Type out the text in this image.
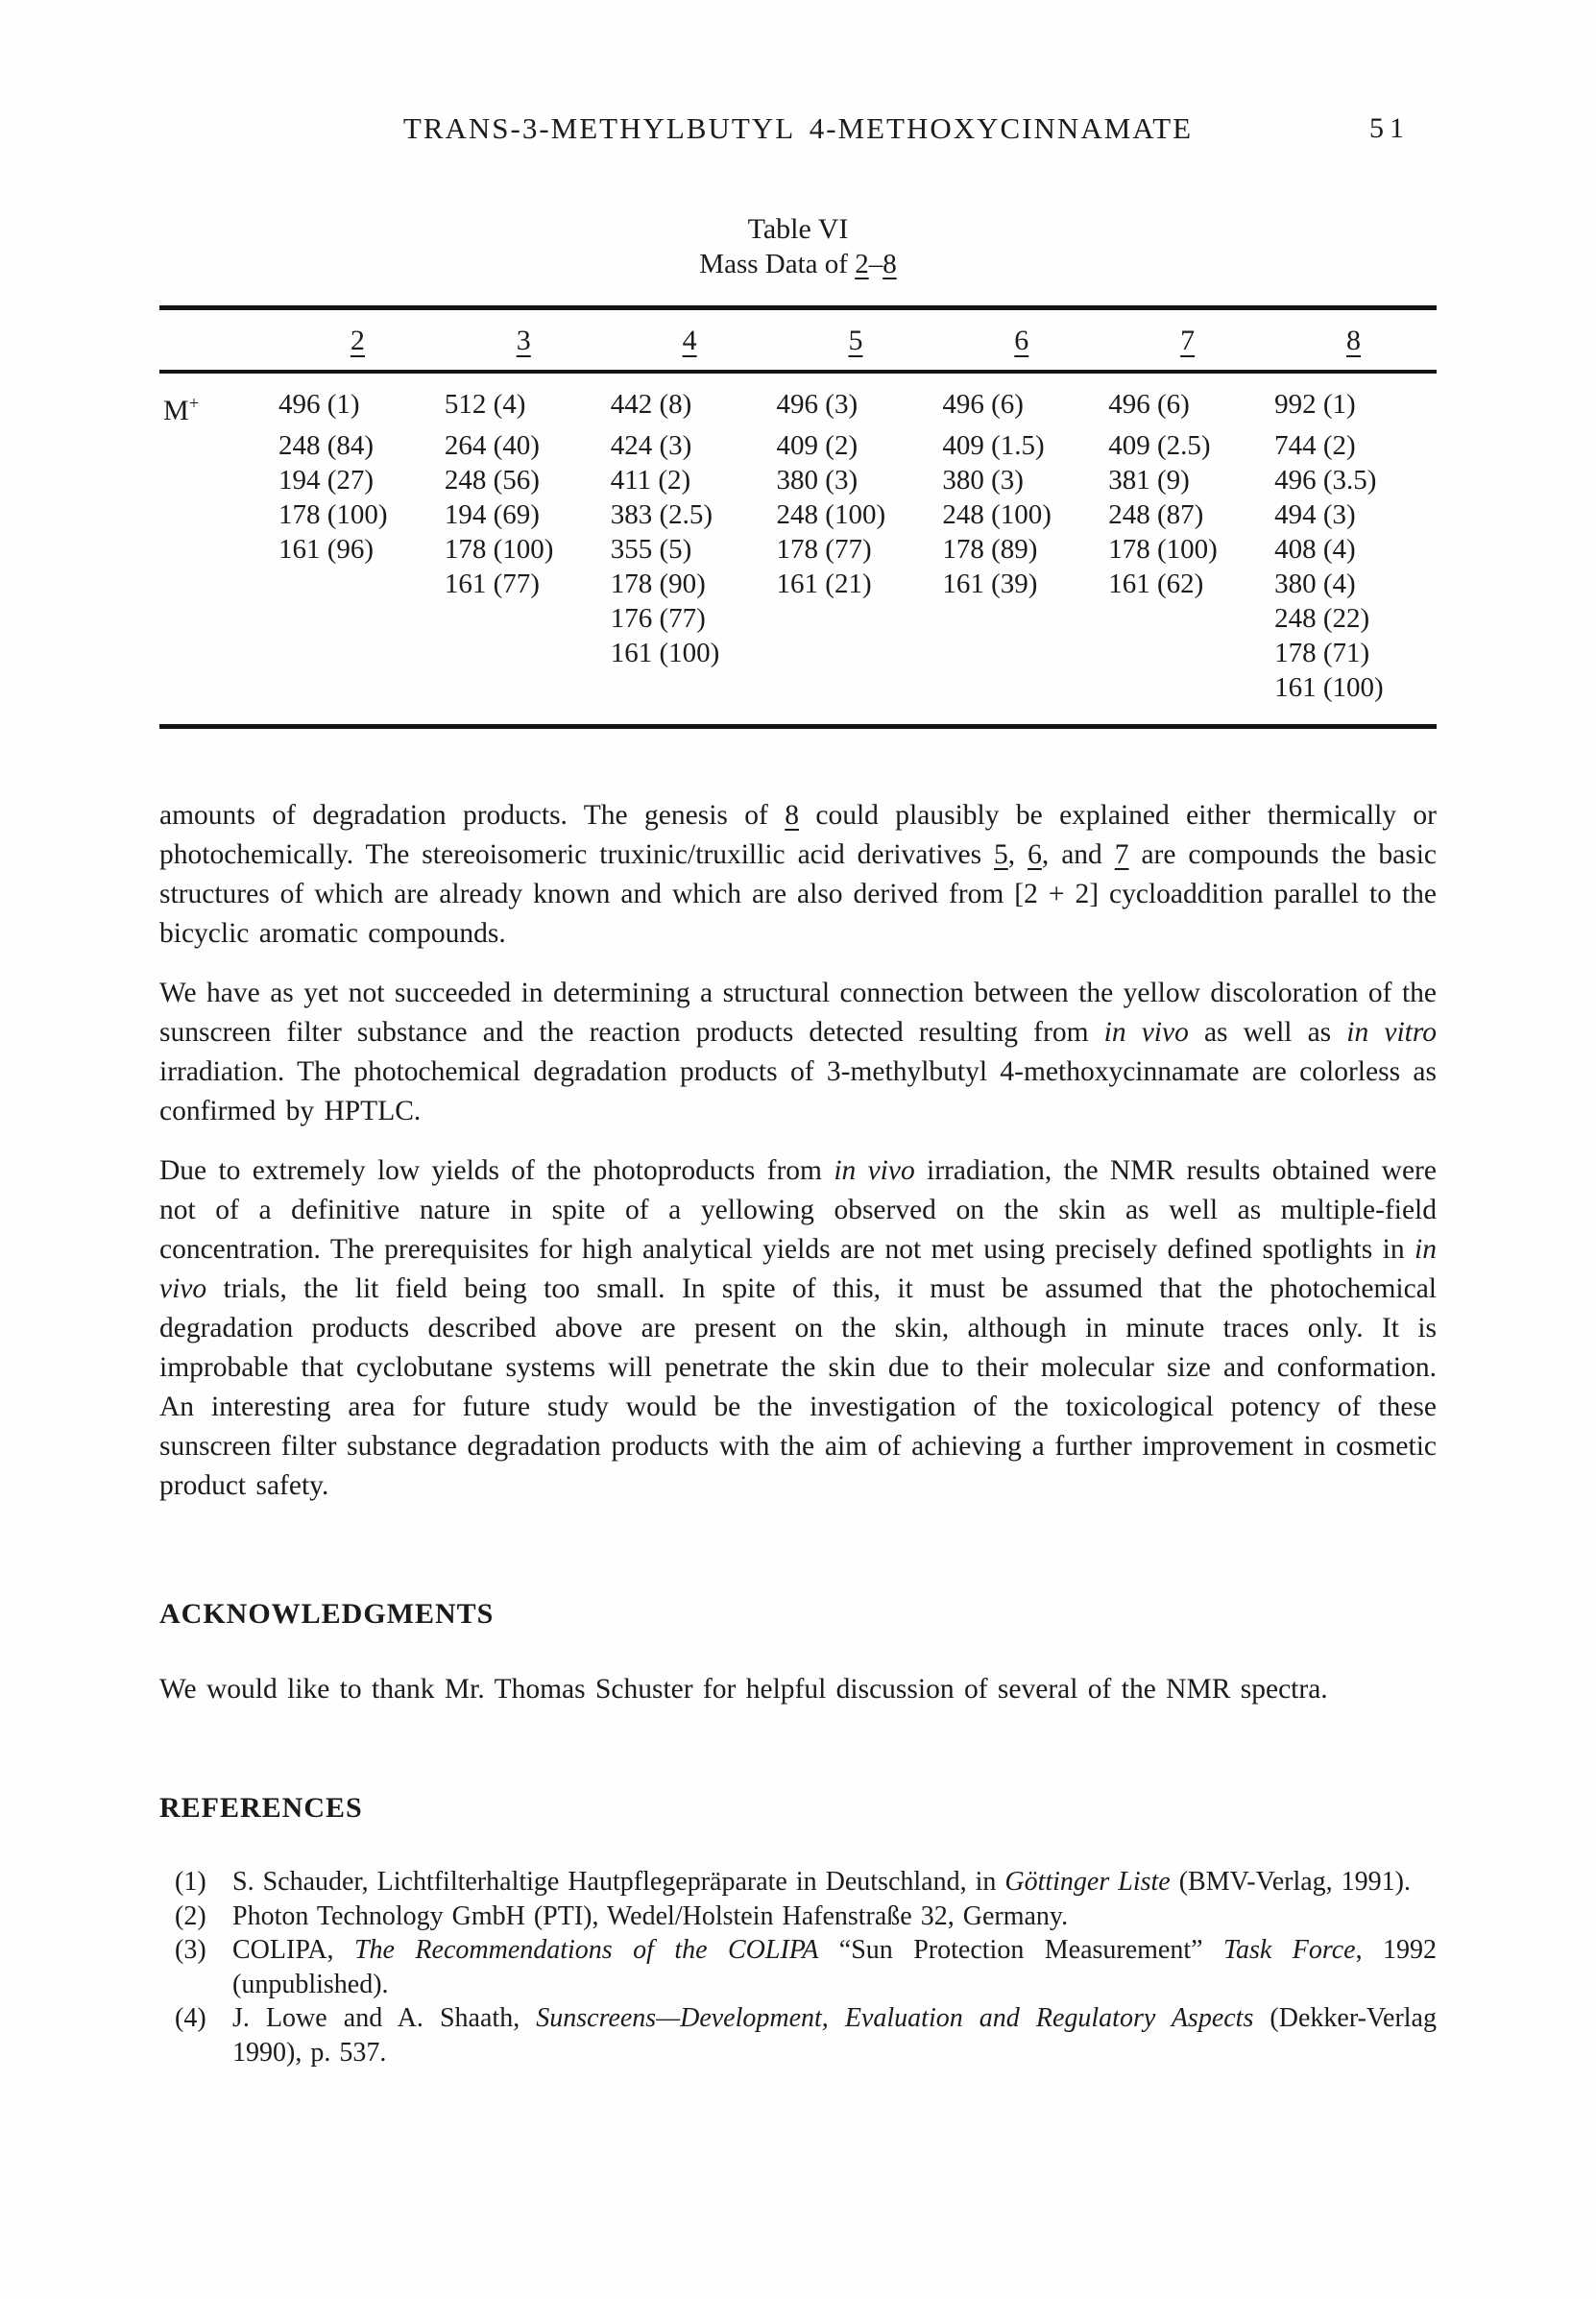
TRANS-3-METHYLBUTYL 4-METHOXYCINNAMATE	51
Table VI
Mass Data of 2–8
	2	3	4	5	6	7	8
M+	496 (1)	512 (4)	442 (8)	496 (3)	496 (6)	496 (6)	992 (1)
	248 (84)	264 (40)	424 (3)	409 (2)	409 (1.5)	409 (2.5)	744 (2)
	194 (27)	248 (56)	411 (2)	380 (3)	380 (3)	381 (9)	496 (3.5)
	178 (100)	194 (69)	383 (2.5)	248 (100)	248 (100)	248 (87)	494 (3)
	161 (96)	178 (100)	355 (5)	178 (77)	178 (89)	178 (100)	408 (4)
		161 (77)	178 (90)	161 (21)	161 (39)	161 (62)	380 (4)
			176 (77)				248 (22)
			161 (100)				178 (71)
							161 (100)

amounts of degradation products. The genesis of 8 could plausibly be explained either thermically or photochemically. The stereoisomeric truxinic/truxillic acid derivatives 5, 6, and 7 are compounds the basic structures of which are already known and which are also derived from [2 + 2] cycloaddition parallel to the bicyclic aromatic compounds.

We have as yet not succeeded in determining a structural connection between the yellow discoloration of the sunscreen filter substance and the reaction products detected resulting from in vivo as well as in vitro irradiation. The photochemical degradation products of 3-methylbutyl 4-methoxycinnamate are colorless as confirmed by HPTLC.

Due to extremely low yields of the photoproducts from in vivo irradiation, the NMR results obtained were not of a definitive nature in spite of a yellowing observed on the skin as well as multiple-field concentration. The prerequisites for high analytical yields are not met using precisely defined spotlights in in vivo trials, the lit field being too small. In spite of this, it must be assumed that the photochemical degradation products described above are present on the skin, although in minute traces only. It is improbable that cyclobutane systems will penetrate the skin due to their molecular size and conformation. An interesting area for future study would be the investigation of the toxicological potency of these sunscreen filter substance degradation products with the aim of achieving a further improvement in cosmetic product safety.

ACKNOWLEDGMENTS

We would like to thank Mr. Thomas Schuster for helpful discussion of several of the NMR spectra.

REFERENCES
(1) S. Schauder, Lichtfilterhaltige Hautpflegepräparate in Deutschland, in Göttinger Liste (BMV-Verlag, 1991).
(2) Photon Technology GmbH (PTI), Wedel/Holstein Hafenstraße 32, Germany.
(3) COLIPA, The Recommendations of the COLIPA “Sun Protection Measurement” Task Force, 1992 (unpublished).
(4) J. Lowe and A. Shaath, Sunscreens—Development, Evaluation and Regulatory Aspects (Dekker-Verlag 1990), p. 537.
